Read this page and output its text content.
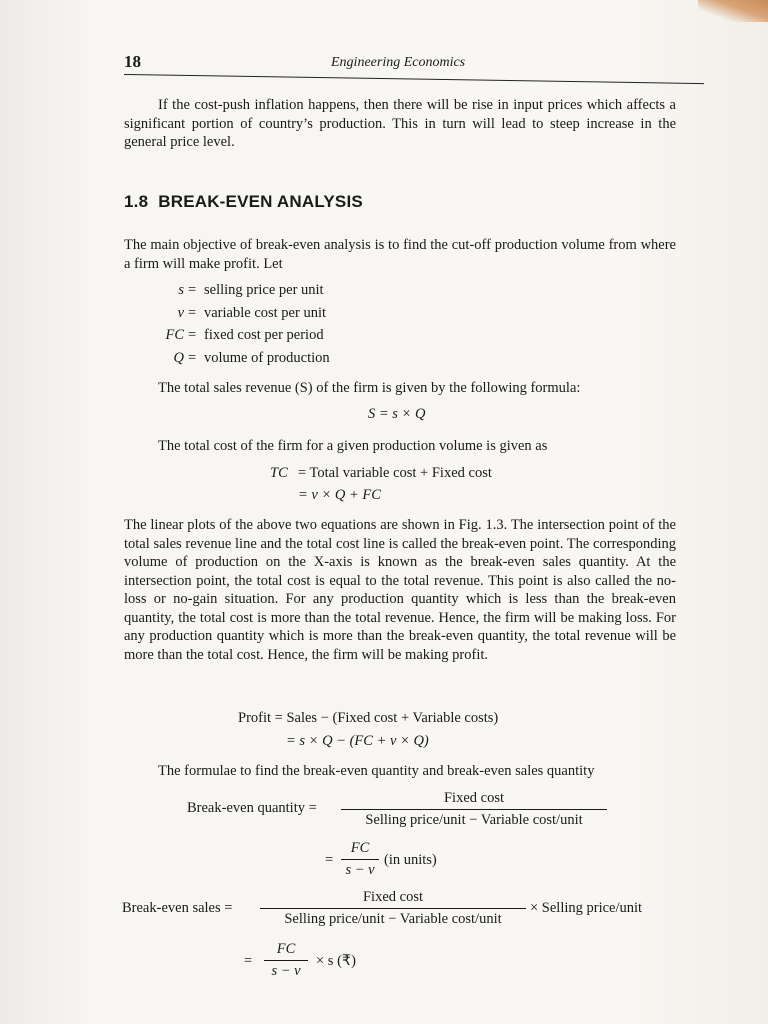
18	Engineering Economics

If the cost-push inflation happens, then there will be rise in input prices which affects a significant portion of country’s production. This in turn will lead to steep increase in the general price level.

1.8 BREAK-EVEN ANALYSIS

The main objective of break-even analysis is to find the cut-off production volume from where a firm will make profit. Let

s = selling price per unit
v = variable cost per unit
FC = fixed cost per period
Q = volume of production
The total sales revenue (S) of the firm is given by the following formula:
S = s × Q
The total cost of the firm for a given production volume is given as
TC = Total variable cost + Fixed cost
= v × Q + FC

The linear plots of the above two equations are shown in Fig. 1.3. The intersection point of the total sales revenue line and the total cost line is called the break-even point. The corresponding volume of production on the X-axis is known as the break-even sales quantity. At the intersection point, the total cost is equal to the total revenue. This point is also called the no-loss or no-gain situation. For any production quantity which is less than the break-even quantity, the total cost is more than the total revenue. Hence, the firm will be making loss. For any production quantity which is more than the break-even quantity, the total revenue will be more than the total cost. Hence, the firm will be making profit.

Profit = Sales − (Fixed cost + Variable costs)
= s × Q − (FC + v × Q)
The formulae to find the break-even quantity and break-even sales quantity
Break-even quantity =
Fixed cost
Selling price/unit − Variable cost/unit
=
FC
s − v
(in units)
Break-even sales =
Fixed cost
Selling price/unit − Variable cost/unit
× Selling price/unit
=
FC
s − v
× s (₹)
